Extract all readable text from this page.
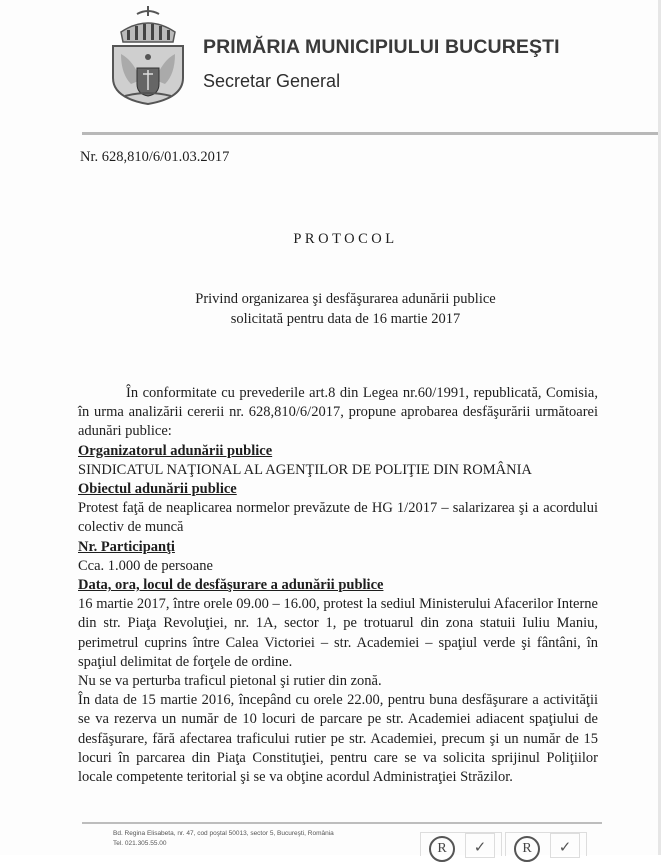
PRIMĂRIA MUNICIPIULUI BUCUREŞTI
Secretar General
Nr. 628,810/6/01.03.2017
PROTOCOL
Privind organizarea şi desfăşurarea adunării publice
solicitată pentru data de 16 martie 2017

În conformitate cu prevederile art.8 din Legea nr.60/1991, republicată, Comisia, în urma analizării cererii nr. 628,810/6/2017, propune aprobarea desfăşurării următoarei adunări publice:

Organizatorul adunării publice

SINDICATUL NAŢIONAL AL AGENŢILOR DE POLIŢIE DIN ROMÂNIA

Obiectul adunării publice

Protest faţă de neaplicarea normelor prevăzute de HG 1/2017 – salarizarea şi a acordului colectiv de muncă

Nr. Participanţi

Cca. 1.000 de persoane

Data, ora, locul de desfăşurare a adunării publice

16 martie 2017, între orele 09.00 – 16.00, protest la sediul Ministerului Afacerilor Interne din str. Piaţa Revoluţiei, nr. 1A, sector 1, pe trotuarul din zona statuii Iuliu Maniu, perimetrul cuprins între Calea Victoriei – str. Academiei – spaţiul verde şi fântâni, în spaţiul delimitat de forţele de ordine.

Nu se va perturba traficul pietonal şi rutier din zonă.

În data de 15 martie 2016, începând cu orele 22.00, pentru buna desfăşurare a activităţii se va rezerva un număr de 10 locuri de parcare pe str. Academiei adiacent spaţiului de desfăşurare, fără afectarea traficului rutier pe str. Academiei, precum şi un număr de 15 locuri în parcarea din Piaţa Constituţiei, pentru care se va solicita sprijinul Poliţiilor locale competente teritorial şi se va obţine acordul Administraţiei Străzilor.

Bd. Regina Elisabeta, nr. 47, cod poştal 50013, sector 5, Bucureşti, România
Tel. 021.305.55.00	R	✓	R	✓
